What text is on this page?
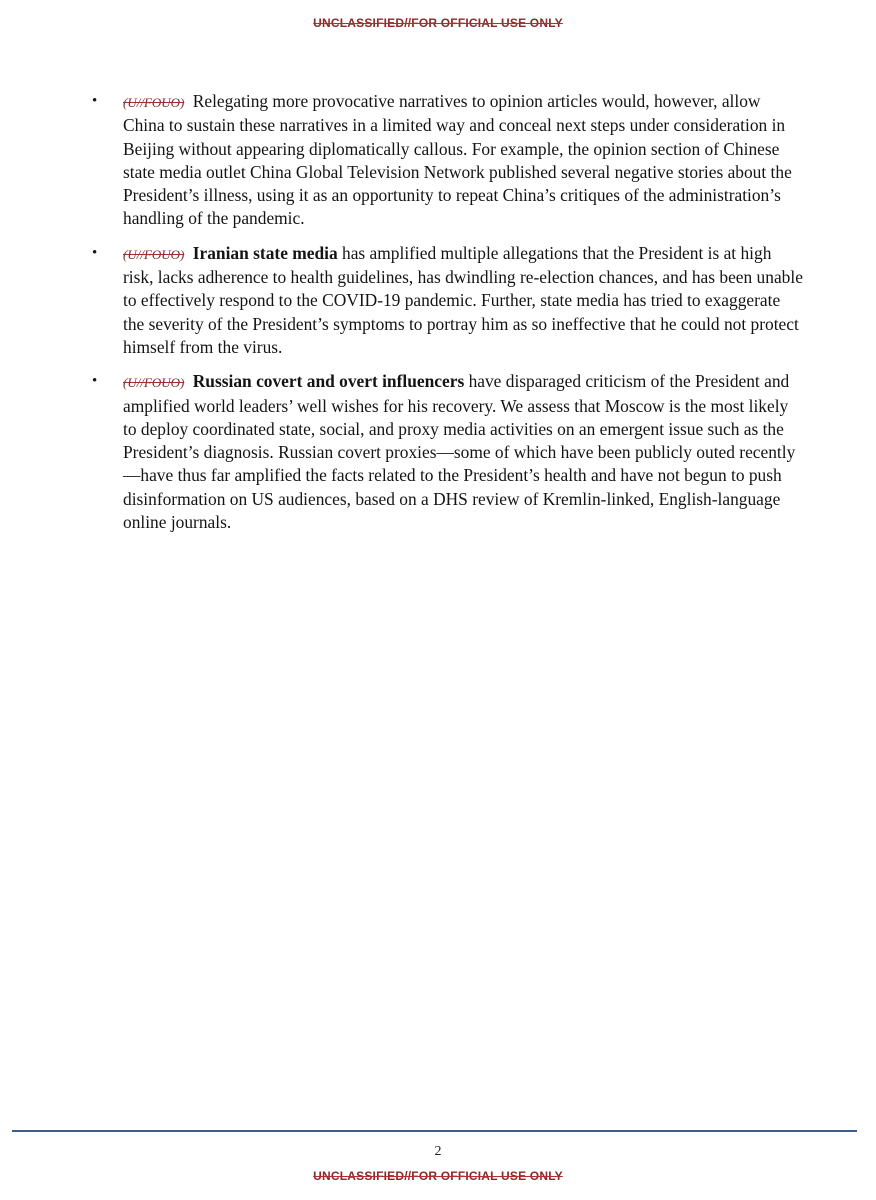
UNCLASSIFIED//FOR OFFICIAL USE ONLY
•	(U//FOUO) Relegating more provocative narratives to opinion articles would, however, allow China to sustain these narratives in a limited way and conceal next steps under consideration in Beijing without appearing diplomatically callous. For example, the opinion section of Chinese state media outlet China Global Television Network published several negative stories about the President’s illness, using it as an opportunity to repeat China’s critiques of the administration’s handling of the pandemic.
•	(U//FOUO) Iranian state media has amplified multiple allegations that the President is at high risk, lacks adherence to health guidelines, has dwindling re-election chances, and has been unable to effectively respond to the COVID-19 pandemic. Further, state media has tried to exaggerate the severity of the President’s symptoms to portray him as so ineffective that he could not protect himself from the virus.
•	(U//FOUO) Russian covert and overt influencers have disparaged criticism of the President and amplified world leaders’ well wishes for his recovery. We assess that Moscow is the most likely to deploy coordinated state, social, and proxy media activities on an emergent issue such as the President’s diagnosis. Russian covert proxies—some of which have been publicly outed recently—have thus far amplified the facts related to the President’s health and have not begun to push disinformation on US audiences, based on a DHS review of Kremlin-linked, English-language online journals.
2
UNCLASSIFIED//FOR OFFICIAL USE ONLY
